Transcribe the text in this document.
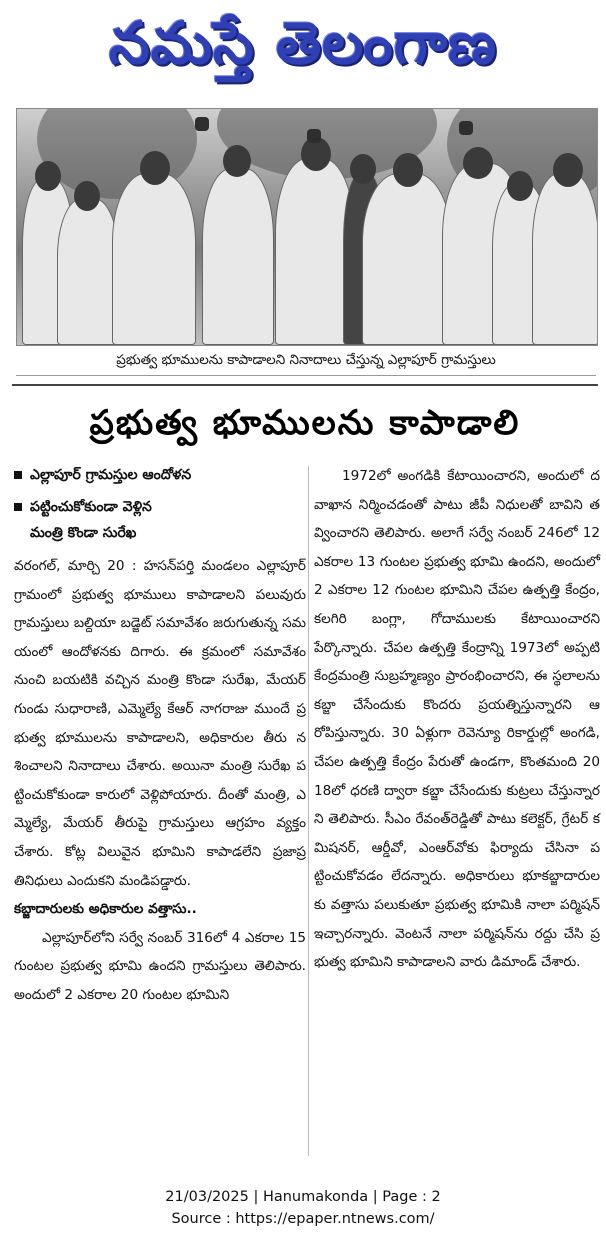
నమస్తే తెలంగాణ
ప్రభుత్వ భూములను కాపాడాలని నినాదాలు చేస్తున్న ఎల్లాపూర్ గ్రామస్తులు
ప్రభుత్వ భూములను కాపాడాలి
ఎల్లాపూర్ గ్రామస్తుల ఆందోళన
పట్టించుకోకుండా వెళ్లిన
మంత్రి కొండా సురేఖ

వరంగల్, మార్చి 20 : హసన్‌పర్తి మండలం ఎల్లాపూర్ గ్రామంలో ప్రభుత్వ భూములు కాపాడాలని పలువురు గ్రామస్తులు బల్దియా బడ్జెట్ సమావేశం జరుగుతున్న సమయంలో ఆందోళనకు దిగారు. ఈ క్రమంలో సమావేశం నుంచి బయటికి వచ్చిన మంత్రి కొండా సురేఖ, మేయర్ గుండు సుధారాణి, ఎమ్మెల్యే కేఆర్ నాగరాజు ముందే ప్రభుత్వ భూములను కాపాడాలని, అధికారుల తీరు నశించాలని నినాదాలు చేశారు. అయినా మంత్రి సురేఖ పట్టించుకోకుండా కారులో వెళ్లిపోయారు. దీంతో మంత్రి, ఎమ్మెల్యే, మేయర్ తీరుపై గ్రామస్తులు ఆగ్రహం వ్యక్తం చేశారు. కోట్ల విలువైన భూమిని కాపాడలేని ప్రజాప్రతినిధులు ఎందుకని మండిపడ్డారు.

కబ్జాదారులకు అధికారుల వత్తాసు..

ఎల్లాపూర్‌లోని సర్వే నంబర్ 316లో 4 ఎకరాల 15 గుంటల ప్రభుత్వ భూమి ఉందని గ్రామస్తులు తెలిపారు. అందులో 2 ఎకరాల 20 గుంటల భూమిని

1972లో అంగడికి కేటాయించారని, అందులో దవాఖాన నిర్మించడంతో పాటు జీపీ నిధులతో బావిని తవ్వించారని తెలిపారు. అలాగే సర్వే నంబర్ 246లో 12 ఎకరాల 13 గుంటల ప్రభుత్వ భూమి ఉందని, అందులో 2 ఎకరాల 12 గుంటల భూమిని చేపల ఉత్పత్తి కేంద్రం, కలగిరి బంగ్లా, గోదాములకు కేటాయించారని పేర్కొన్నారు. చేపల ఉత్పత్తి కేంద్రాన్ని 1973లో అప్పటి కేంద్రమంత్రి సుబ్రహ్మణ్యం ప్రారంభించారని, ఈ స్థలాలను కబ్జా చేసేందుకు కొందరు ప్రయత్నిస్తున్నారని ఆరోపిస్తున్నారు. 30 ఏళ్లుగా రెవెన్యూ రికార్డుల్లో అంగడి, చేపల ఉత్పత్తి కేంద్రం పేరుతో ఉండగా, కొంతమంది 2018లో ధరణి ద్వారా కబ్జా చేసేందుకు కుట్రలు చేస్తున్నారని తెలిపారు. సీఎం రేవంత్‌రెడ్డితో పాటు కలెక్టర్, గ్రేటర్ కమిషనర్, ఆర్డీవో, ఎంఆర్‌వోకు ఫిర్యాదు చేసినా పట్టించుకోవడం లేదన్నారు. అధికారులు భూకబ్జాదారులకు వత్తాసు పలుకుతూ ప్రభుత్వ భూమికి నాలా పర్మిషన్ ఇచ్చారన్నారు. వెంటనే నాలా పర్మిషన్‌ను రద్దు చేసి ప్రభుత్వ భూమిని కాపాడాలని వారు డిమాండ్ చేశారు.

21/03/2025 | Hanumakonda | Page : 2
Source : https://epaper.ntnews.com/
